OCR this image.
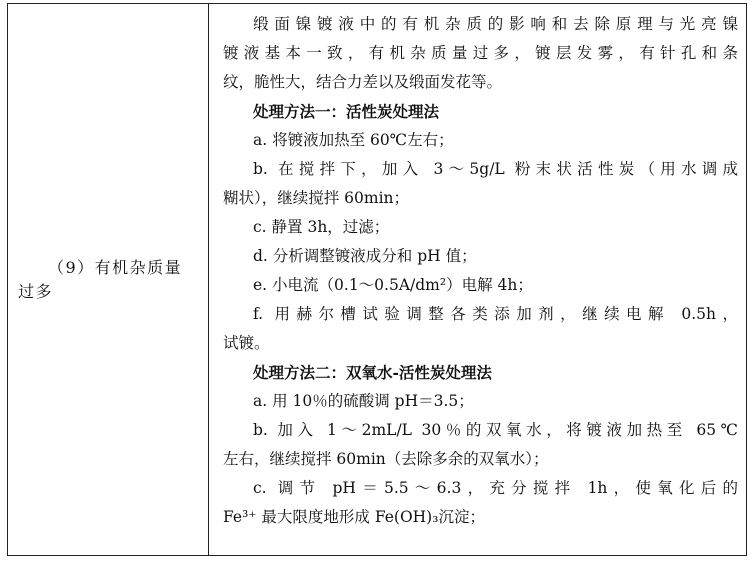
（9）有机杂质量
过多
缎面镍镀液中的有机杂质的影响和去除原理与光亮镍
镀液基本一致，有机杂质量过多，镀层发雾，有针孔和条
纹，脆性大，结合力差以及缎面发花等。
处理方法一：活性炭处理法
a. 将镀液加热至 60℃左右；
b. 在搅拌下，加入 3～5g/L 粉末状活性炭（用水调成
糊状），继续搅拌 60min；
c. 静置 3h，过滤；
d. 分析调整镀液成分和 pH 值；
e. 小电流（0.1～0.5A/dm²）电解 4h；
f. 用赫尔槽试验调整各类添加剂，继续电解 0.5h，
试镀。
处理方法二：双氧水-活性炭处理法
a. 用 10％的硫酸调 pH＝3.5；
b. 加入 1～2mL/L 30％的双氧水，将镀液加热至 65℃
左右，继续搅拌 60min（去除多余的双氧水）；
c. 调节 pH＝5.5～6.3，充分搅拌 1h，使氧化后的
Fe³⁺ 最大限度地形成 Fe(OH)₃沉淀；
